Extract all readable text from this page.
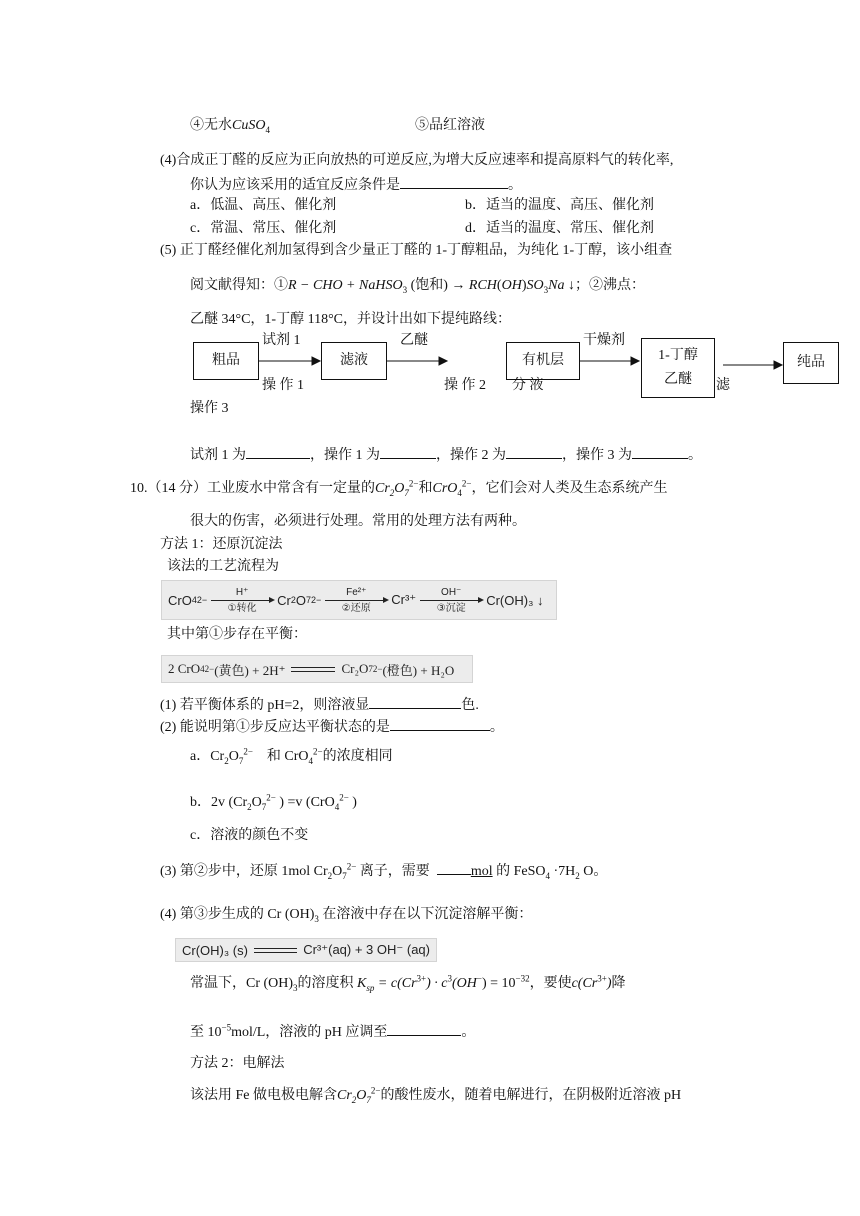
④无水CuSO$_4$	⑤品红溶液
(4)合成正丁醛的反应为正向放热的可逆反应,为增大反应速率和提高原料气的转化率,
你认为应该采用的适宜反应条件是	。
a．低温、高压、催化剂	b．适当的温度、高压、催化剂
c．常温、常压、催化剂	d．适当的温度、常压、催化剂
(5) 正丁醛经催化剂加氢得到含少量正丁醛的 1-丁醇粗品，为纯化 1-丁醇，该小组查
阅文献得知：①R − CHO + NaHSO$_3$ (饱和) → $RCH(OH)SO_3Na$ ↓；②沸点：
乙醚 34°C，1-丁醇 118°C，并设计出如下提纯路线：
粗品	滤液	有机层	1-丁醇
乙醚
纯品
试剂 1
操 作 1
乙醚
操 作 2 分 液
干燥剂
滤
操作 3
试剂 1 为	，操作 1 为	，操作 2 为	，操作 3 为	。
10.（14 分）工业废水中常含有一定量的$Cr_2O_7^{2-}$和CrO$_4^{2-}$，它们会对人类及生态系统产生
很大的伤害，必须进行处理。常用的处理方法有两种。
方法 1：还原沉淀法
该法的工艺流程为
CrO 4 2−
H⁺
①转化
Cr 2 O 7 2−
Fe²⁺
②还原
Cr³⁺ OH⁻
③沉淀
Cr(OH)₃ ↓
其中第①步存在平衡：
2 CrO 4 2− (黄色) + 2H⁺	Cr₂O 7 2− (橙色) + H₂O
(1) 若平衡体系的 pH=2，则溶液显	色.
(2) 能说明第①步反应达平衡状态的是	。
a．$Cr_2O_7^{2-}$ 和 CrO$_4^{2-}$的浓度相同
b．2v ($Cr_2O_7^{2-}$ ) =v (CrO$_4^{2-}$ )
c．溶液的颜色不变
(3) 第②步中，还原 1mol $Cr_2O_7^{2-}$ 离子，需要	mol 的 FeSO$_4$ $\cdot 7H_2$ O。
(4) 第③步生成的 Cr $(OH)_3$ 在溶液中存在以下沉淀溶解平衡：
Cr(OH)₃ (s)	Cr³⁺(aq) + 3 OH⁻ (aq)
常温下，Cr $(OH)_3$的溶度积 $K_{sp} = c(Cr^{3+}) \cdot c^3(OH^-) = 10^{-32}$，要使$c(Cr^{3+})$降
至 $10^{-5}mol/L$，溶液的 pH 应调至	。
方法 2：电解法
该法用 Fe 做电极电解含$Cr_2O_7^{2-}$的酸性废水，随着电解进行，在阴极附近溶液 pH
